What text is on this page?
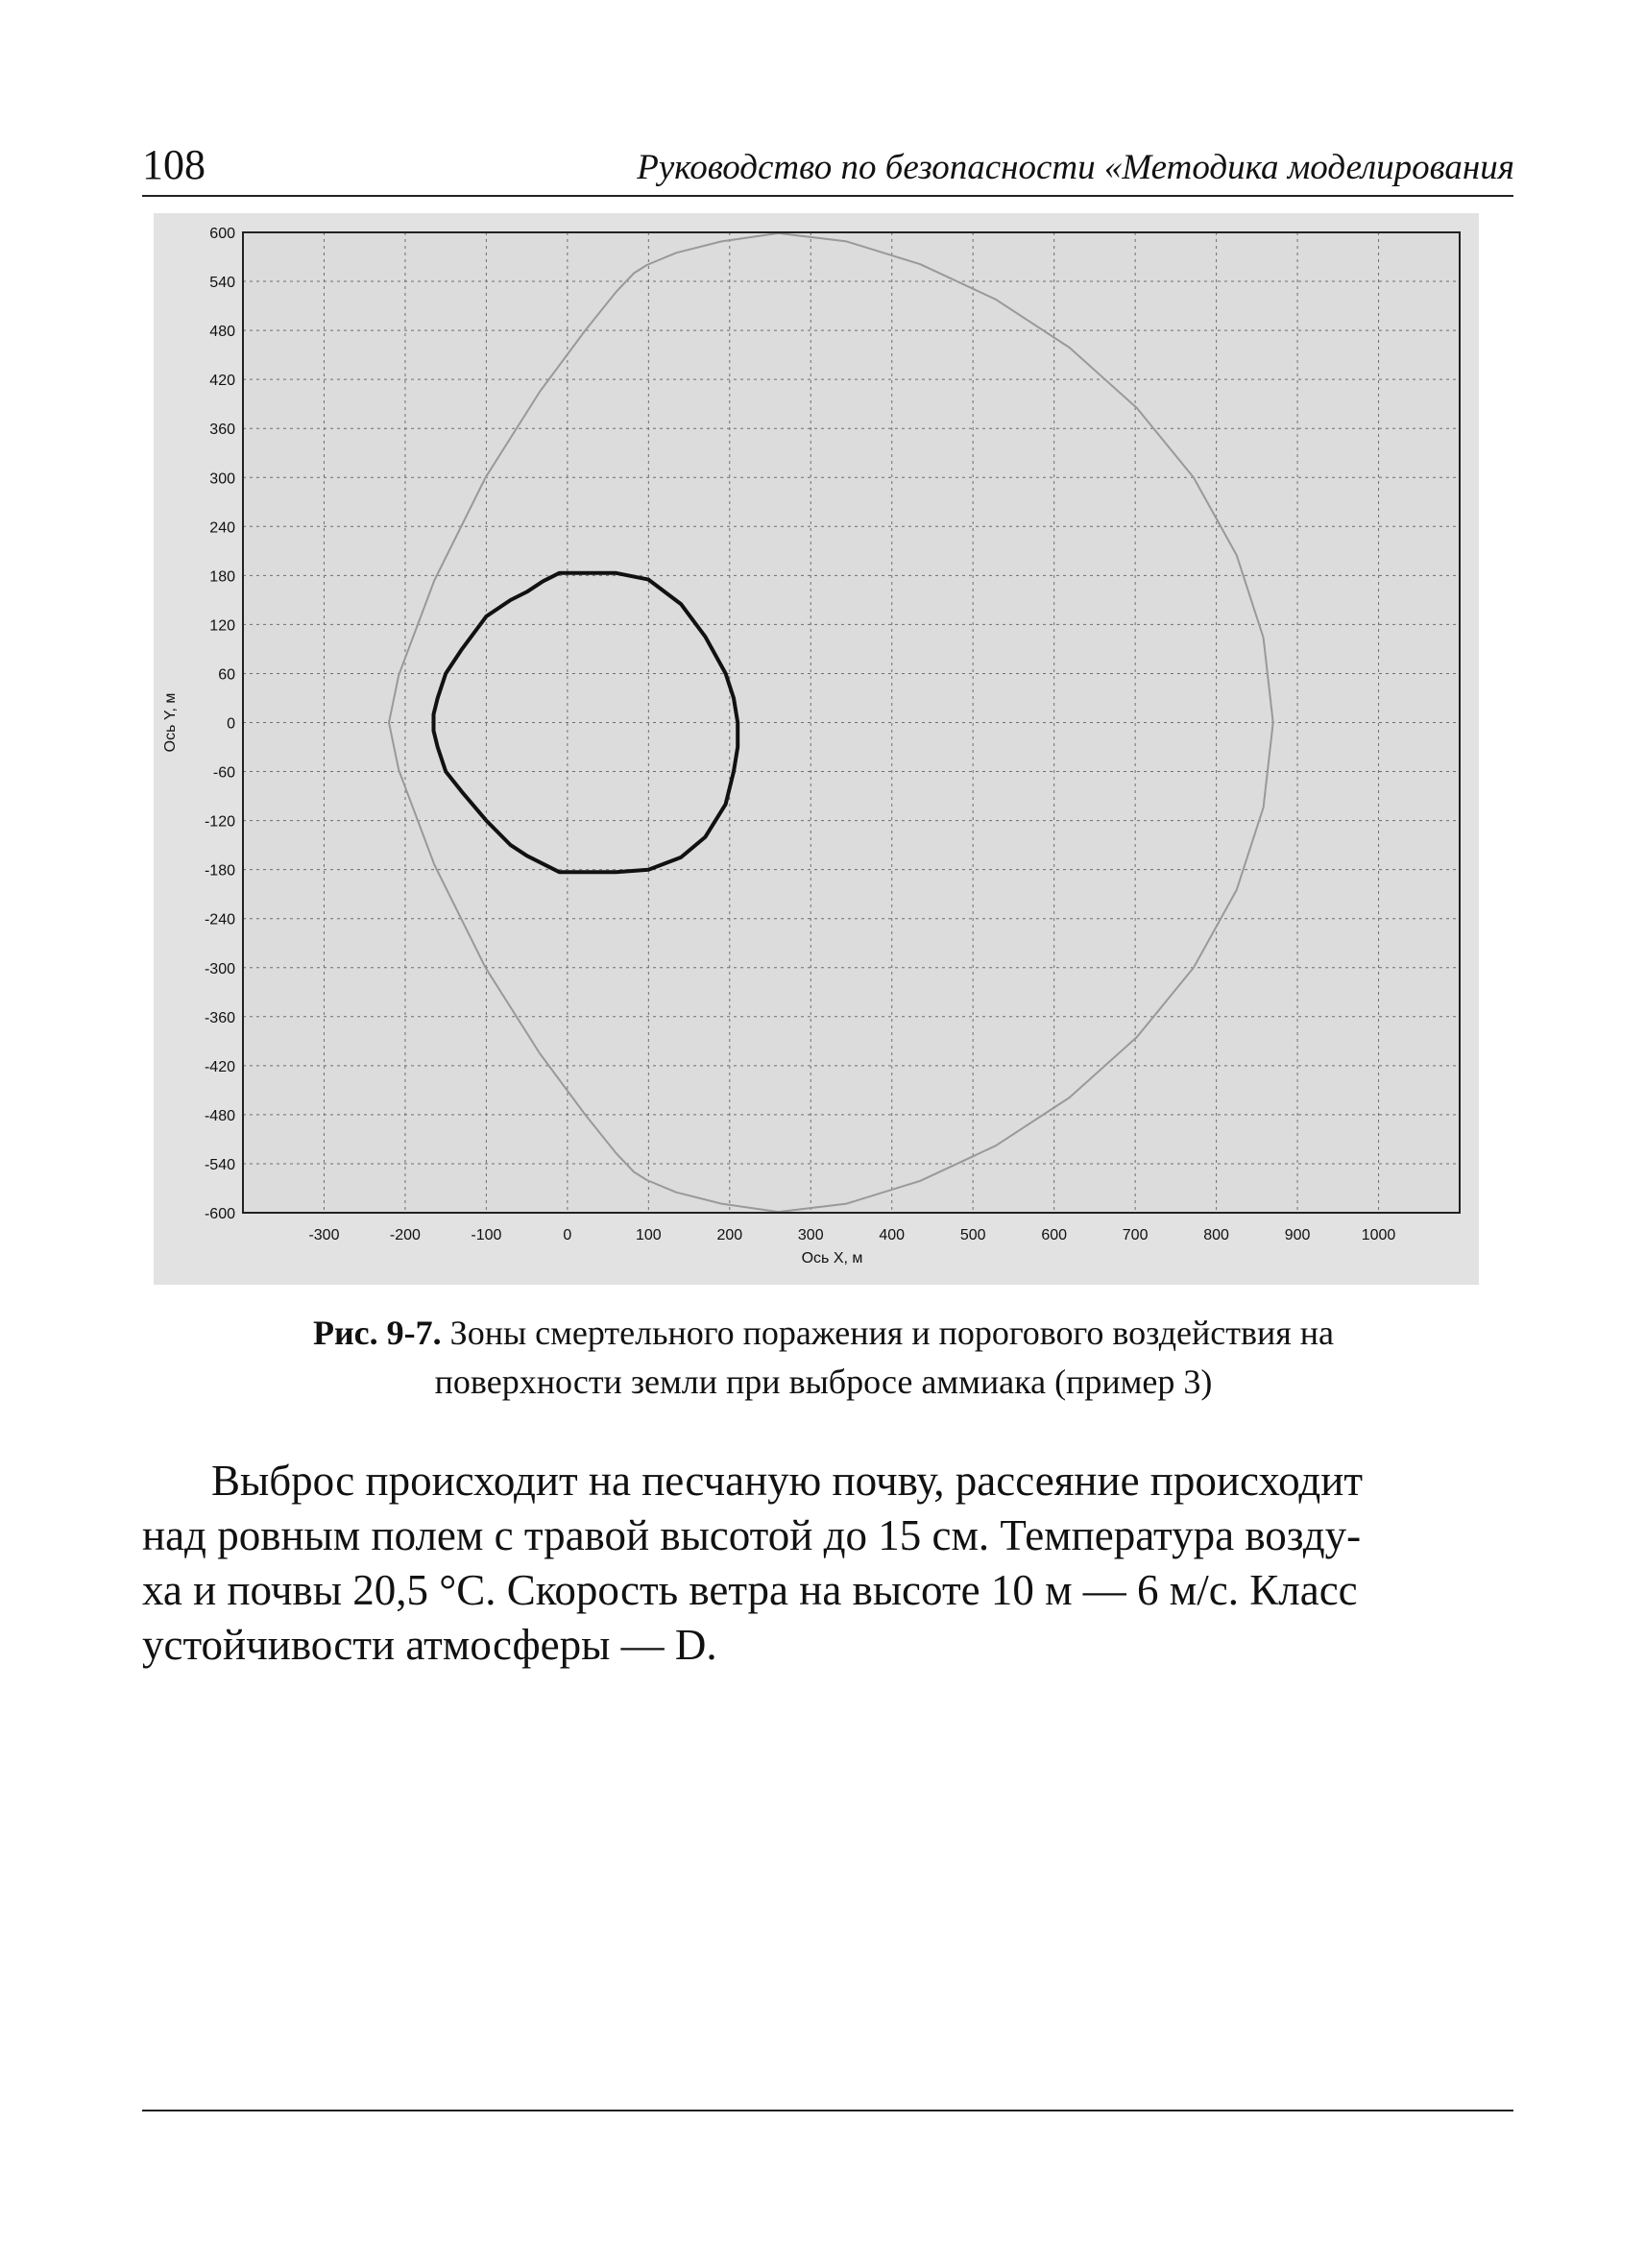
108	Руководство по безопасности «Методика моделирования
-300	-200	-100	0	100	200	300	400	500	600	700	800	900	1000
600
540
480
420
360
300
240
180
120
60
0
-60
-120
-180
-240
-300
-360
-420
-480
-540
-600
Ось X, м
Ось Y, м
Рис. 9-7. Зоны смертельного поражения и порогового воздействия на
поверхности земли при выбросе аммиака (пример 3)
Выброс происходит на песчаную почву, рассеяние происходит
над ровным полем с травой высотой до 15 см. Температура возду-
ха и почвы 20,5 °С. Скорость ветра на высоте 10 м — 6 м/с. Класс
устойчивости атмосферы — D.
